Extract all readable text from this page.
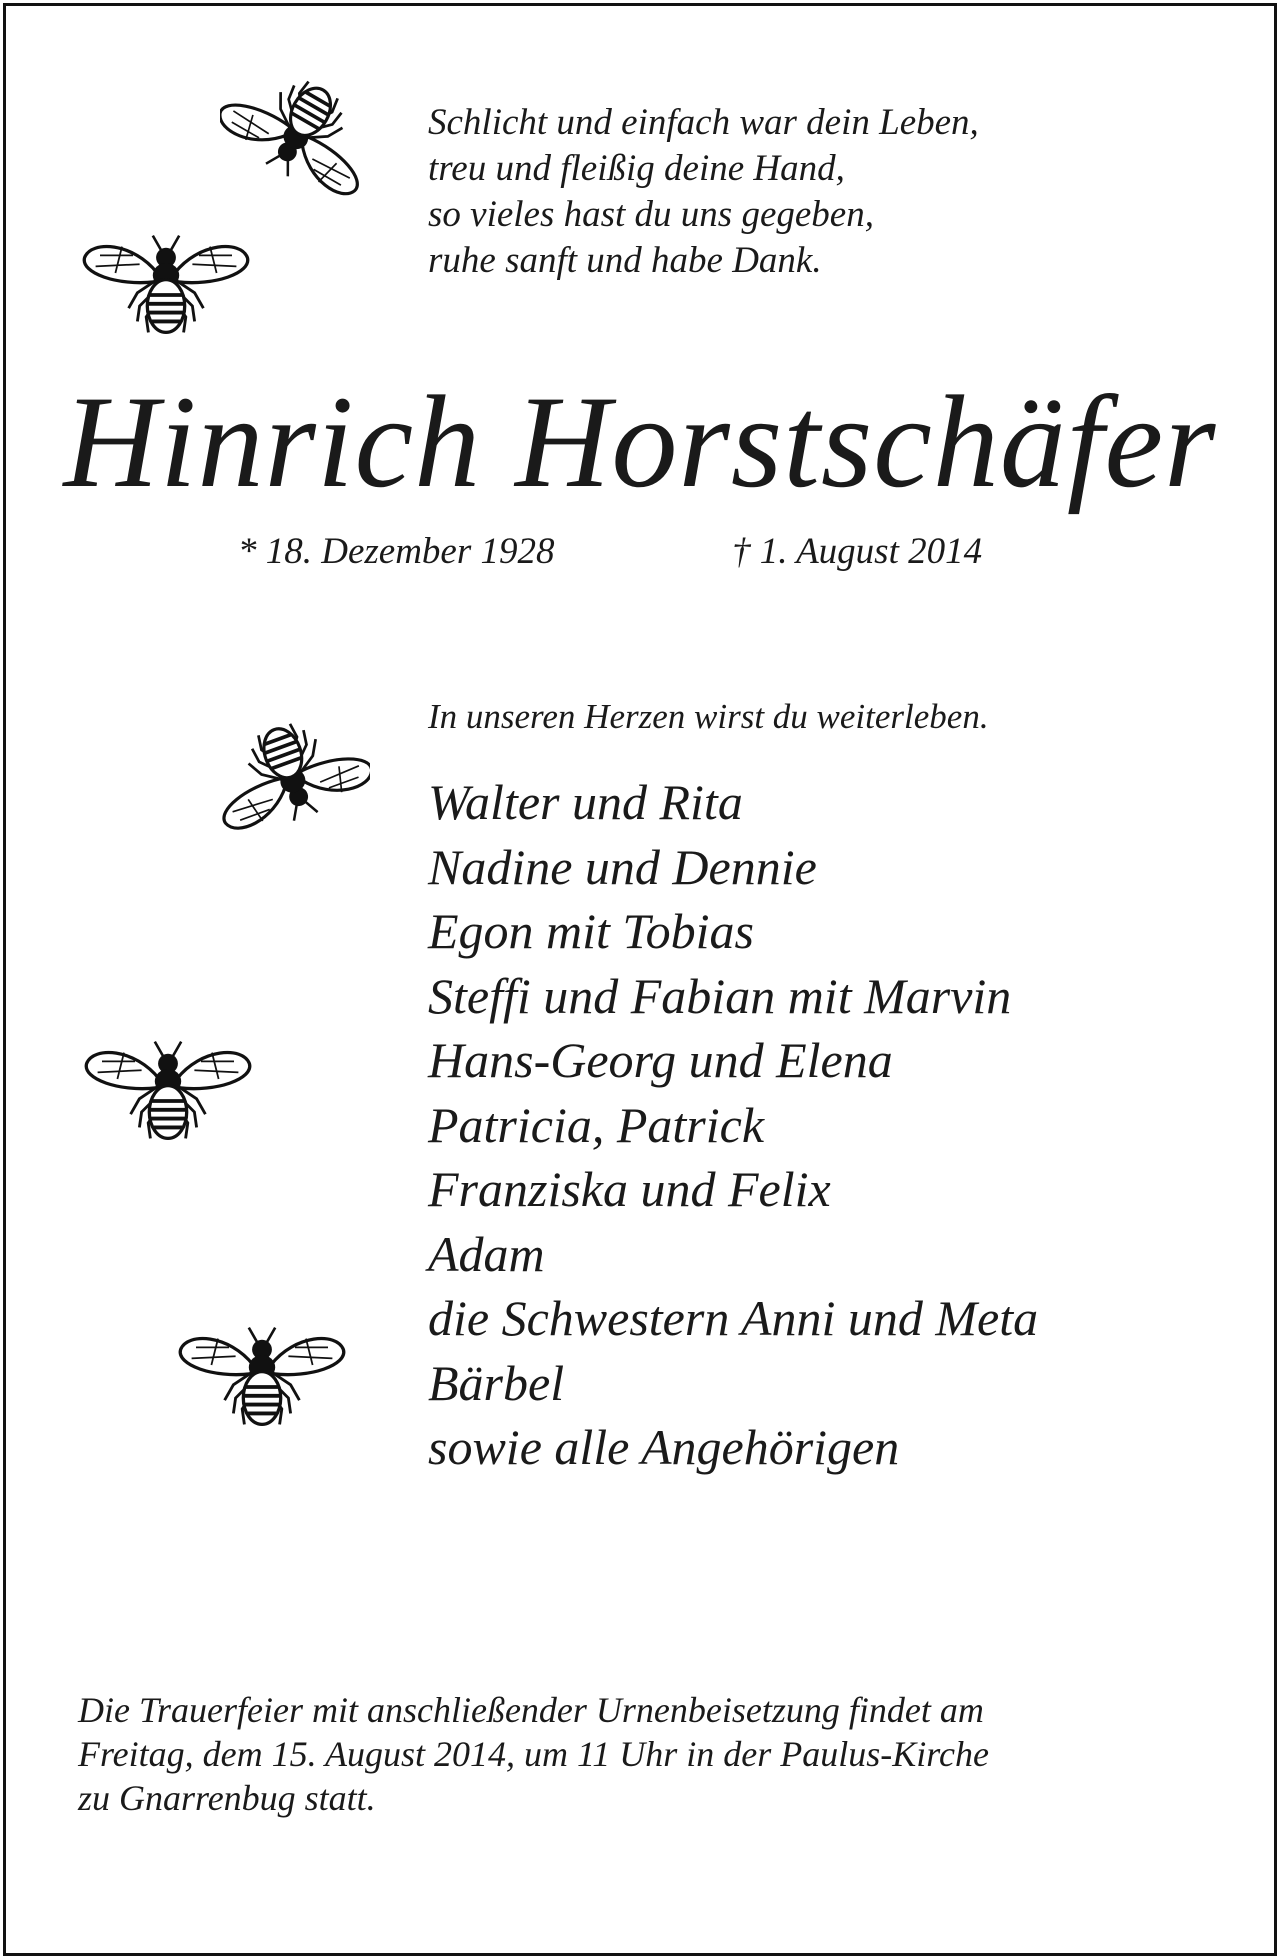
Schlicht und einfach war dein Leben,
treu und fleißig deine Hand,
so vieles hast du uns gegeben,
ruhe sanft und habe Dank.
Hinrich Horstschäfer
* 18. Dezember 1928	† 1. August 2014
In unseren Herzen wirst du weiterleben.
Walter und Rita
Nadine und Dennie
Egon mit Tobias
Steffi und Fabian mit Marvin
Hans-Georg und Elena
Patricia, Patrick
Franziska und Felix
Adam
die Schwestern Anni und Meta
Bärbel
sowie alle Angehörigen
Die Trauerfeier mit anschließender Urnenbeisetzung findet am
Freitag, dem 15. August 2014, um 11 Uhr in der Paulus-Kirche
zu Gnarrenbug statt.
